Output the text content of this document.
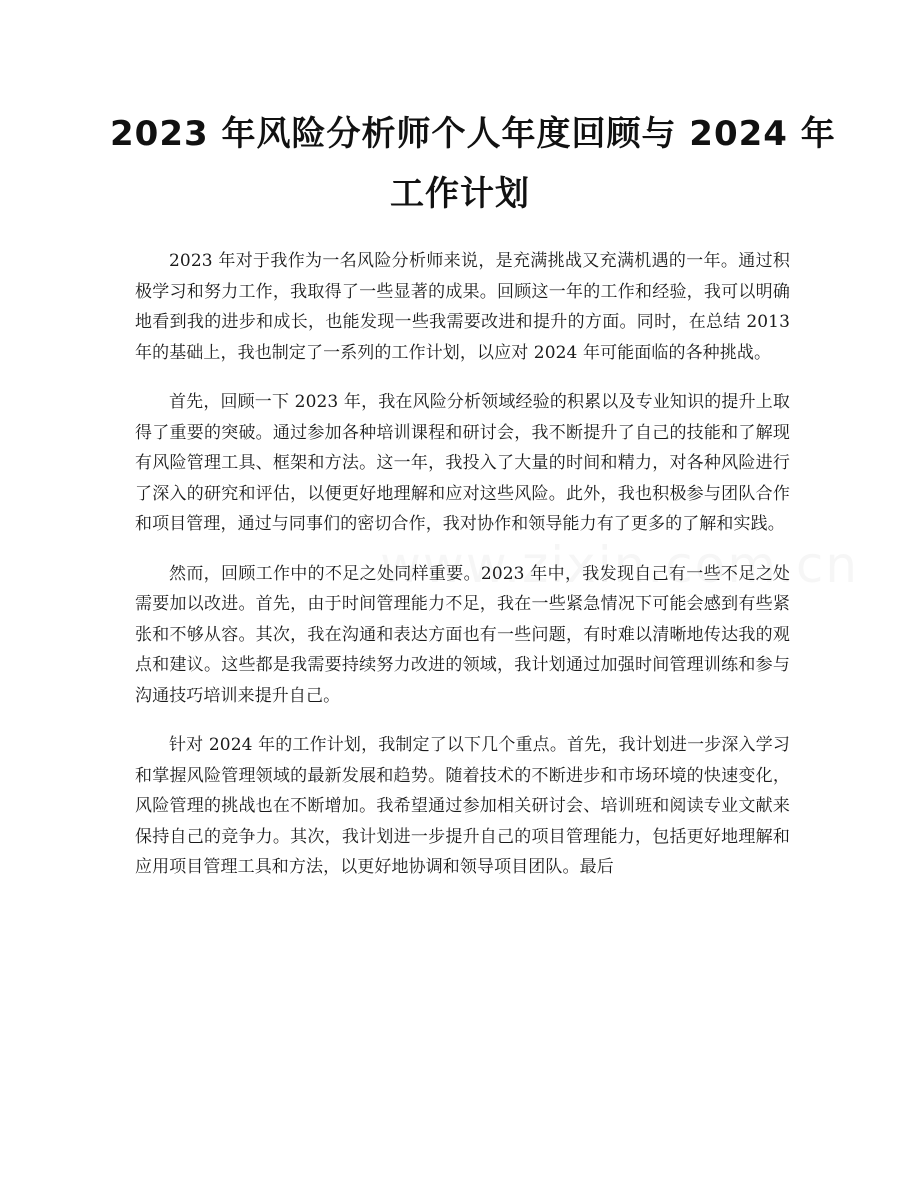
2023 年风险分析师个人年度回顾与 2024 年
工作计划

2023 年对于我作为一名风险分析师来说，是充满挑战又充满机遇的一年。通过积极学习和努力工作，我取得了一些显著的成果。回顾这一年的工作和经验，我可以明确地看到我的进步和成长，也能发现一些我需要改进和提升的方面。同时，在总结 2013 年的基础上，我也制定了一系列的工作计划，以应对 2024 年可能面临的各种挑战。

首先，回顾一下 2023 年，我在风险分析领域经验的积累以及专业知识的提升上取得了重要的突破。通过参加各种培训课程和研讨会，我不断提升了自己的技能和了解现有风险管理工具、框架和方法。这一年，我投入了大量的时间和精力，对各种风险进行了深入的研究和评估，以便更好地理解和应对这些风险。此外，我也积极参与团队合作和项目管理，通过与同事们的密切合作，我对协作和领导能力有了更多的了解和实践。

然而，回顾工作中的不足之处同样重要。2023 年中，我发现自己有一些不足之处需要加以改进。首先，由于时间管理能力不足，我在一些紧急情况下可能会感到有些紧张和不够从容。其次，我在沟通和表达方面也有一些问题，有时难以清晰地传达我的观点和建议。这些都是我需要持续努力改进的领域，我计划通过加强时间管理训练和参与沟通技巧培训来提升自己。

针对 2024 年的工作计划，我制定了以下几个重点。首先，我计划进一步深入学习和掌握风险管理领域的最新发展和趋势。随着技术的不断进步和市场环境的快速变化，风险管理的挑战也在不断增加。我希望通过参加相关研讨会、培训班和阅读专业文献来保持自己的竞争力。其次，我计划进一步提升自己的项目管理能力，包括更好地理解和应用项目管理工具和方法，以更好地协调和领导项目团队。最后
